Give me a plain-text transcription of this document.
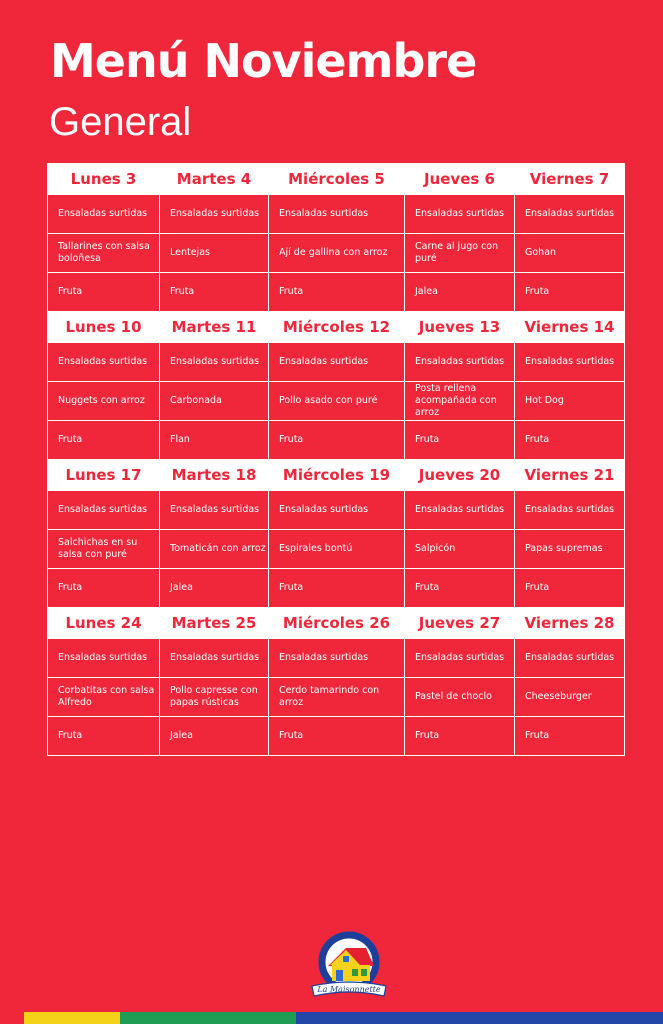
Menú Noviembre
General
Lunes 3	Martes 4	Miércoles 5	Jueves 6	Viernes 7

Ensaladas surtidas	Ensaladas surtidas	Ensaladas surtidas	Ensaladas surtidas	Ensaladas surtidas

Tallarines con salsa boloñesa	Lentejas	Ají de gallina con arroz	Carne al jugo con puré	Gohan

Fruta	Fruta	Fruta	Jalea	Fruta

Lunes 10	Martes 11	Miércoles 12	Jueves 13	Viernes 14

Ensaladas surtidas	Ensaladas surtidas	Ensaladas surtidas	Ensaladas surtidas	Ensaladas surtidas

Nuggets con arroz	Carbonada	Pollo asado con puré	Posta rellena acompañada con arroz	Hot Dog

Fruta	Flan	Fruta	Fruta	Fruta

Lunes 17	Martes 18	Miércoles 19	Jueves 20	Viernes 21

Ensaladas surtidas	Ensaladas surtidas	Ensaladas surtidas	Ensaladas surtidas	Ensaladas surtidas

Salchichas en su salsa con puré	Tomaticán con arroz	Espirales bontú	Salpicón	Papas supremas

Fruta	Jalea	Fruta	Fruta	Fruta

Lunes 24	Martes 25	Miércoles 26	Jueves 27	Viernes 28

Ensaladas surtidas	Ensaladas surtidas	Ensaladas surtidas	Ensaladas surtidas	Ensaladas surtidas

Corbatitas con salsa Alfredo	Pollo capresse con papas rústicas	Cerdo tamarindo con arroz	Pastel de choclo	Cheeseburger

Fruta	Jalea	Fruta	Fruta	Fruta
La Maisonnette
